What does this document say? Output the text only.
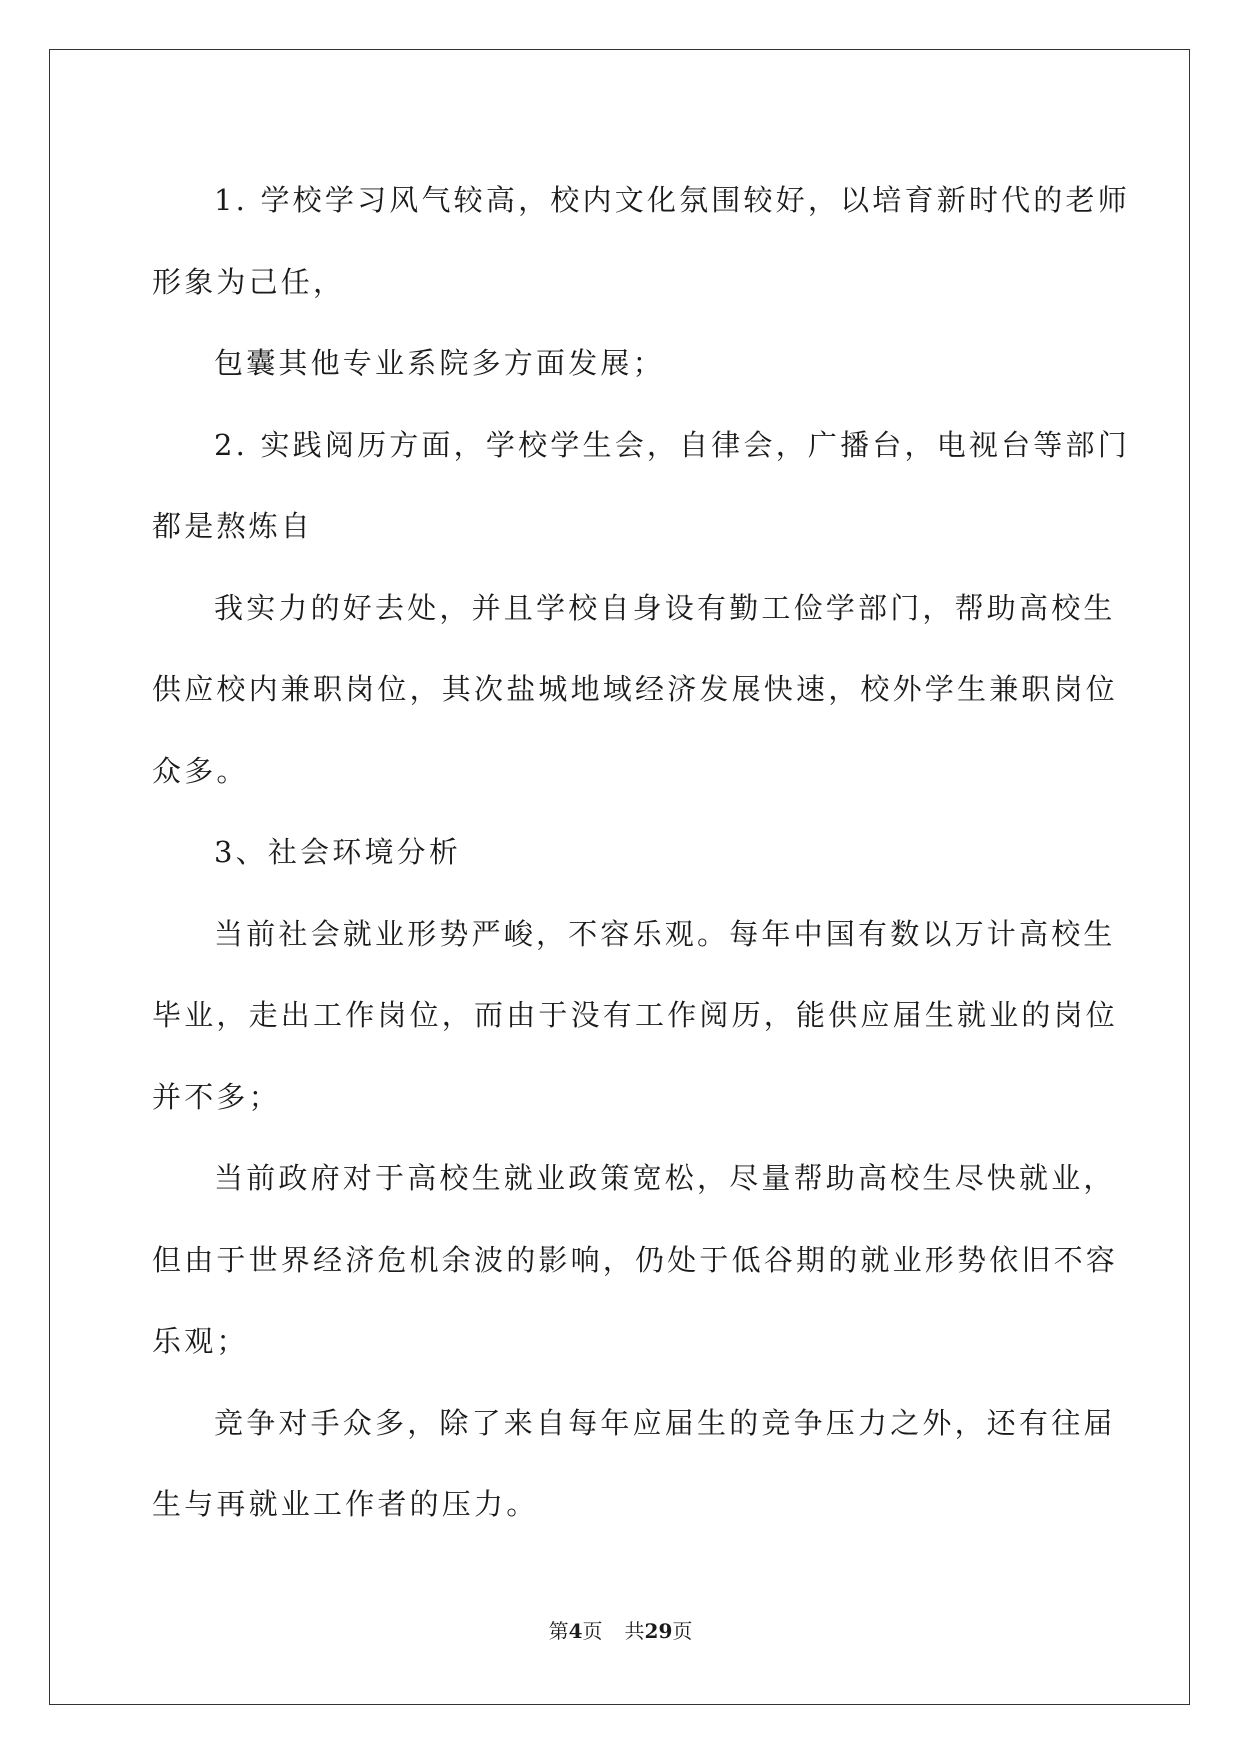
1. 学校学习风气较高，校内文化氛围较好，以培育新时代的老师
形象为己任，

包囊其他专业系院多方面发展；

2. 实践阅历方面，学校学生会，自律会，广播台，电视台等部门
都是熬炼自

我实力的好去处，并且学校自身设有勤工俭学部门，帮助高校生
供应校内兼职岗位，其次盐城地域经济发展快速，校外学生兼职岗位
众多。

3、社会环境分析

当前社会就业形势严峻，不容乐观。每年中国有数以万计高校生
毕业，走出工作岗位，而由于没有工作阅历，能供应届生就业的岗位
并不多；

当前政府对于高校生就业政策宽松，尽量帮助高校生尽快就业，
但由于世界经济危机余波的影响，仍处于低谷期的就业形势依旧不容
乐观；

竞争对手众多，除了来自每年应届生的竞争压力之外，还有往届
生与再就业工作者的压力。

第4页 共29页
